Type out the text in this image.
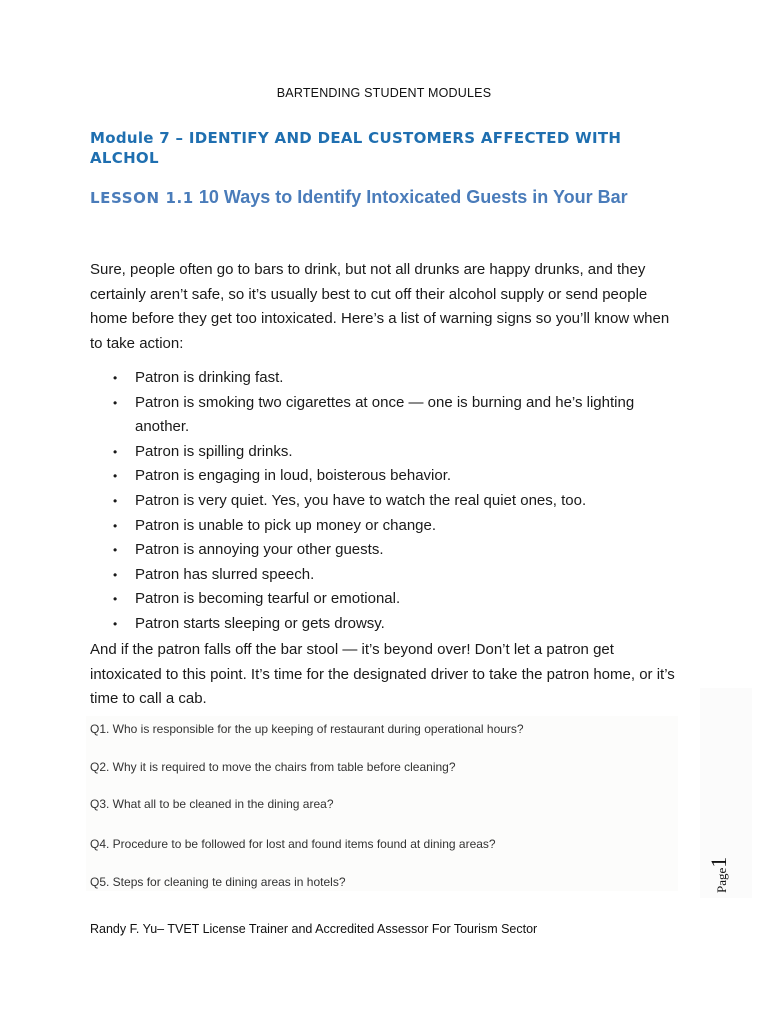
BARTENDING STUDENT MODULES
Module 7 – IDENTIFY AND DEAL CUSTOMERS AFFECTED WITH ALCHOL
LESSON 1.1 10 Ways to Identify Intoxicated Guests in Your Bar
Sure, people often go to bars to drink, but not all drunks are happy drunks, and they certainly aren’t safe, so it’s usually best to cut off their alcohol supply or send people home before they get too intoxicated. Here’s a list of warning signs so you’ll know when to take action:
• Patron is drinking fast.
• Patron is smoking two cigarettes at once — one is burning and he’s lighting another.
• Patron is spilling drinks.
• Patron is engaging in loud, boisterous behavior.
• Patron is very quiet. Yes, you have to watch the real quiet ones, too.
• Patron is unable to pick up money or change.
• Patron is annoying your other guests.
• Patron has slurred speech.
• Patron is becoming tearful or emotional.
• Patron starts sleeping or gets drowsy.
And if the patron falls off the bar stool — it’s beyond over! Don’t let a patron get intoxicated to this point. It’s time for the designated driver to take the patron home, or it’s time to call a cab.
Q1. Who is responsible for the up keeping of restaurant during operational hours?
Q2. Why it is required to move the chairs from table before cleaning?
Q3. What all to be cleaned in the dining area?
Q4. Procedure to be followed for lost and found items found at dining areas?
Q5. Steps for cleaning te dining areas in hotels?	Page1
Randy F. Yu– TVET License Trainer and Accredited Assessor For Tourism Sector
